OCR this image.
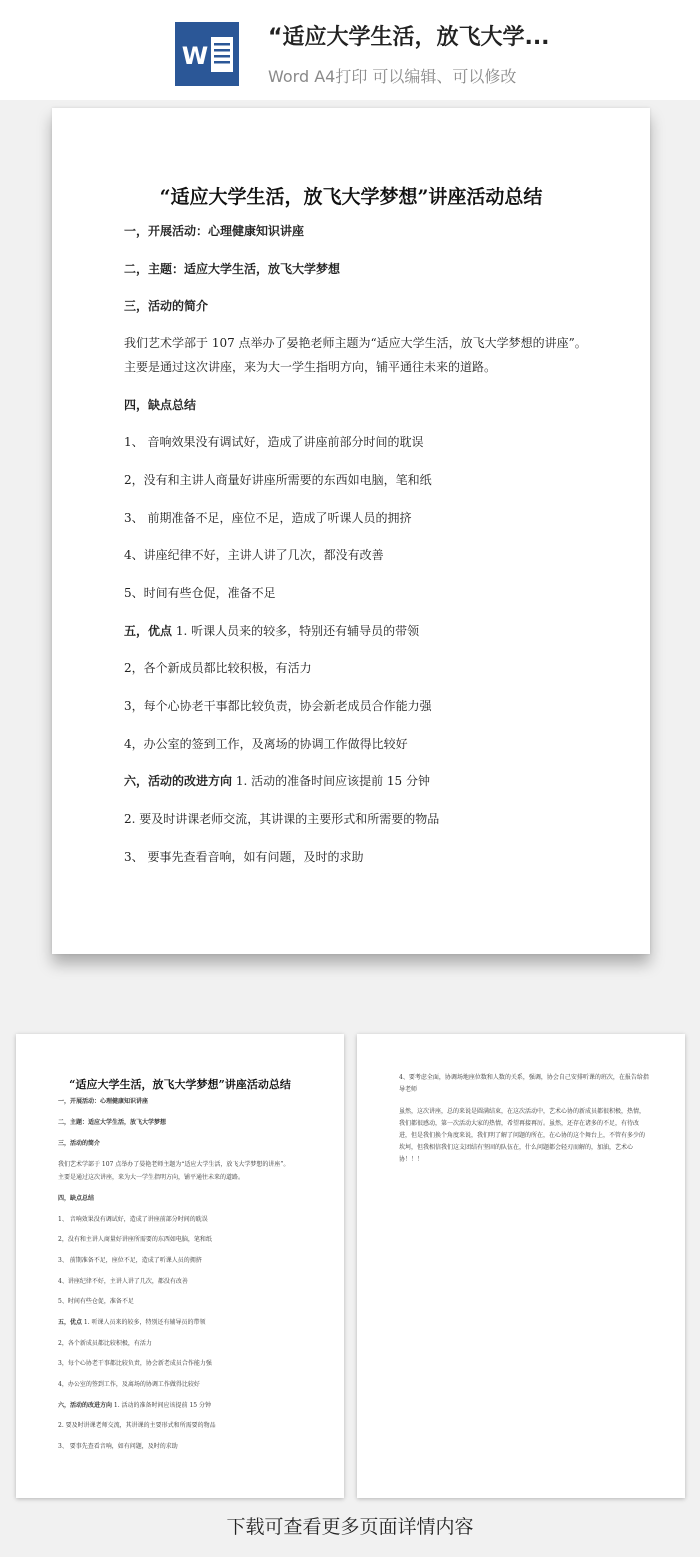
W
“适应大学生活，放飞大学...
Word A4打印 可以编辑、可以修改
“适应大学生活，放飞大学梦想”讲座活动总结
一，开展活动：心理健康知识讲座
二，主题：适应大学生活，放飞大学梦想
三，活动的简介
我们艺术学部于 107 点举办了晏艳老师主题为“适应大学生活，放飞大学梦想的讲座”。
主要是通过这次讲座，来为大一学生指明方向，铺平通往未来的道路。
四，缺点总结
1、 音响效果没有调试好，造成了讲座前部分时间的耽误
2，没有和主讲人商量好讲座所需要的东西如电脑，笔和纸
3、 前期准备不足，座位不足，造成了听课人员的拥挤
4、讲座纪律不好，主讲人讲了几次，都没有改善
5、时间有些仓促，准备不足
五，优点 1. 听课人员来的较多，特别还有辅导员的带领
2，各个新成员都比较积极，有活力
3，每个心协老干事都比较负责，协会新老成员合作能力强
4，办公室的签到工作，及离场的协调工作做得比较好
六，活动的改进方向 1. 活动的准备时间应该提前 15 分钟
2. 要及时讲课老师交流，其讲课的主要形式和所需要的物品
3、 要事先查看音响，如有问题，及时的求助
“适应大学生活，放飞大学梦想”讲座活动总结
一，开展活动：心理健康知识讲座
二，主题：适应大学生活，放飞大学梦想
三，活动的简介
我们艺术学部于 107 点举办了晏艳老师主题为“适应大学生活，放飞大学梦想的讲座”。
主要是通过这次讲座，来为大一学生指明方向，铺平通往未来的道路。
四，缺点总结
1、 音响效果没有调试好，造成了讲座前部分时间的耽误
2，没有和主讲人商量好讲座所需要的东西如电脑，笔和纸
3、 前期准备不足，座位不足，造成了听课人员的拥挤
4、讲座纪律不好，主讲人讲了几次，都没有改善
5、时间有些仓促，准备不足
五，优点 1. 听课人员来的较多，特别还有辅导员的带领
2，各个新成员都比较积极，有活力
3，每个心协老干事都比较负责，协会新老成员合作能力强
4，办公室的签到工作，及离场的协调工作做得比较好
六，活动的改进方向 1. 活动的准备时间应该提前 15 分钟
2. 要及时讲课老师交流，其讲课的主要形式和所需要的物品
3、 要事先查看音响，如有问题，及时的求助
4、要考虑全面，协调场地座位数和人数的关系，强调，协会自己安排听课的班次，在报告给指导老师
虽然，这次讲座，总的来说是圆满结束，在这次活动中，艺术心协的新成员都很积极，热情，我们都很感动，第一次活动大家的热情，希望再接再厉。虽然，还存在诸多的不足，有待改进，但是我们换个角度来说，我们明了解了问题的所在，在心协的这个舞台上，不管有多少的坎坷，但我相信我们这支团结有坚固的队伍在，什么问题都会轻刃而解的，加油，艺术心协！！！
下载可查看更多页面详情内容
